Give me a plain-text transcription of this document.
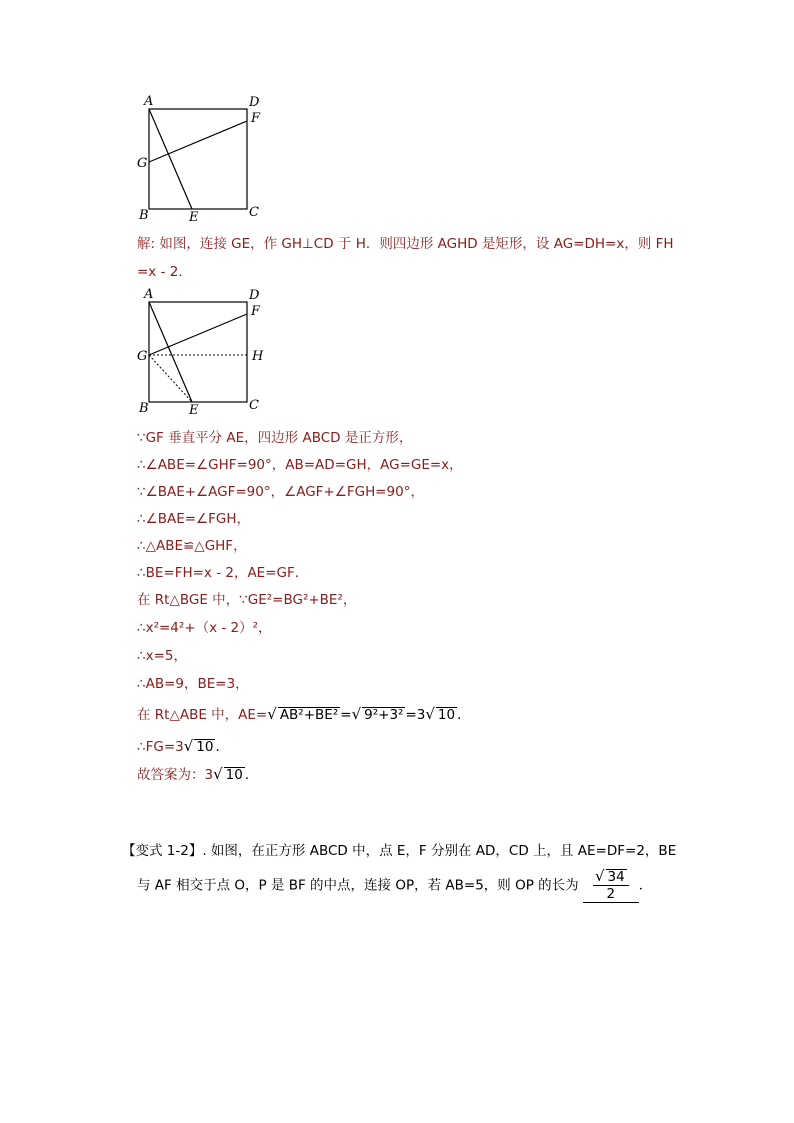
A	D
F
G
B	E	C
解: 如图，连接 GE，作 GH⊥CD 于 H．则四边形 AGHD 是矩形，设 AG=DH=x，则 FH
=x - 2．
A	D
F
G	H
B	E	C
∵GF 垂直平分 AE，四边形 ABCD 是正方形，
∴∠ABE=∠GHF=90°，AB=AD=GH，AG=GE=x，
∵∠BAE+∠AGF=90°，∠AGF+∠FGH=90°，
∴∠BAE=∠FGH，
∴△ABE≌△GHF，
∴BE=FH=x - 2，AE=GF．
在 Rt△BGE 中，∵GE²=BG²+BE²，
∴x²=4²+（x - 2）²，
∴x=5，
∴AB=9，BE=3，
在 Rt△ABE 中，AE=√ AB²+BE² =√ 9²+3² =3√ 10 ．
∴FG=3√ 10 ．
故答案为：3√ 10 ．
【变式 1-2】. 如图，在正方形 ABCD 中，点 E，F 分别在 AD，CD 上，且 AE=DF=2，BE
与 AF 相交于点 O，P 是 BF 的中点，连接 OP，若 AB=5，则 OP 的长为 $\frac{√ 34}{2}$ ．
